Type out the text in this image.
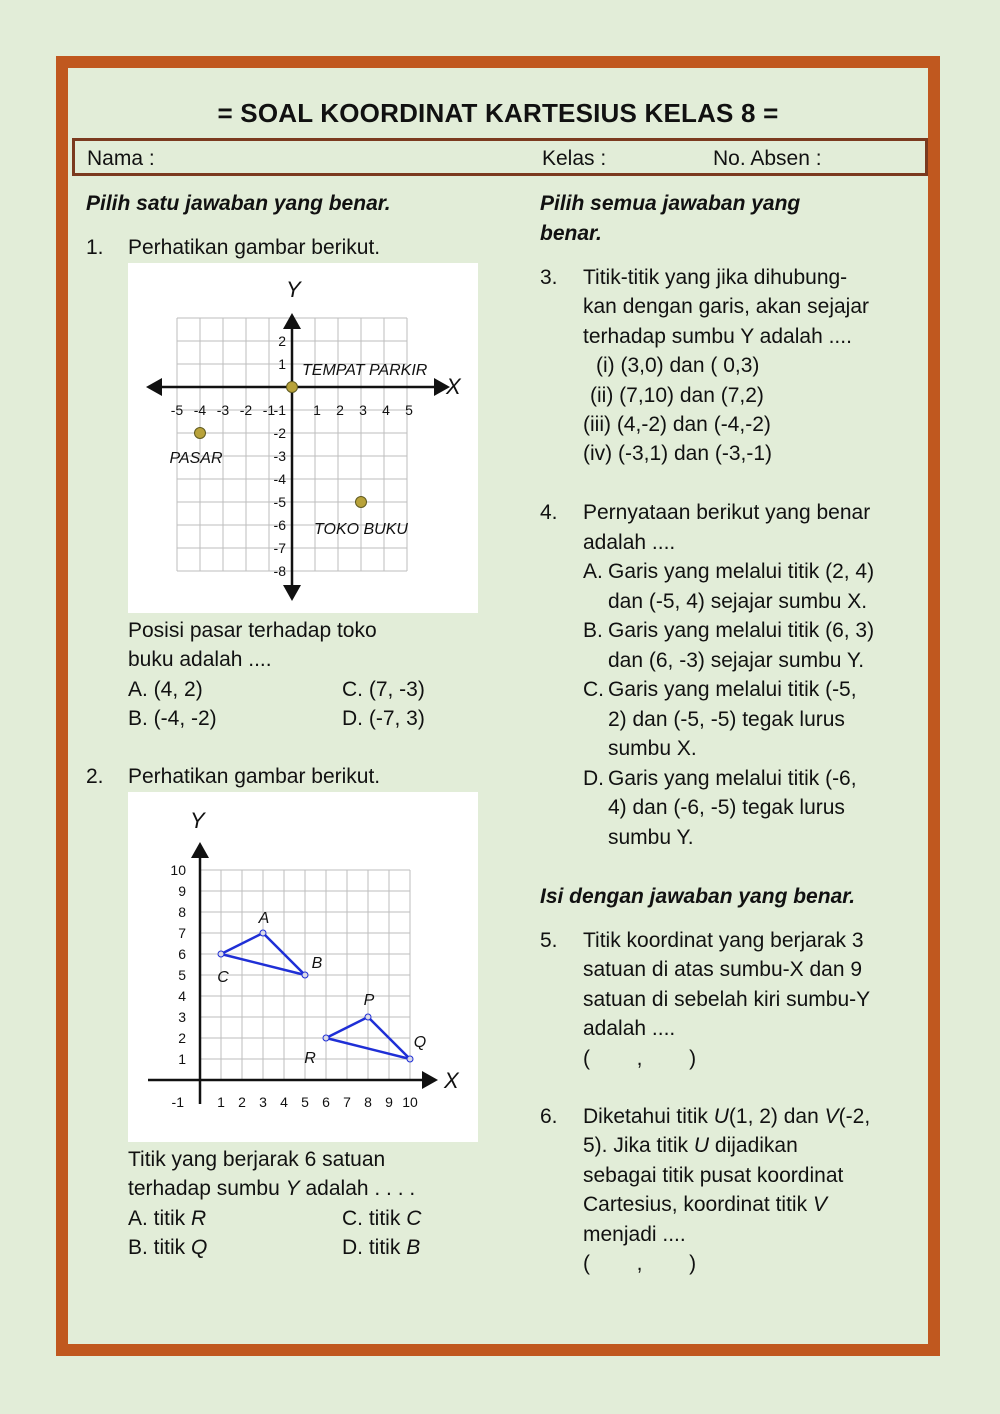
= SOAL KOORDINAT KARTESIUS KELAS 8 =
Nama :	Kelas :	No. Absen :
Pilih satu jawaban yang benar.
1. Perhatikan gambar berikut.
X
Y
-5 -4 -3 -2 -1	1 2 3 4 5
2
1
-1
-2
-3
-4
-5
-6
-7
-8
TEMPAT PARKIR
PASAR
TOKO BUKU
Posisi pasar terhadap toko
buku adalah ....
A. (4, 2)	C. (7, -3)
B. (-4, -2)	D. (-7, 3)
2. Perhatikan gambar berikut.
X
Y
-1 1 2 3 4 5 6 7 8 9 10
10
9
8
7
6
5
4
3
2
1
A
B
C
P
Q
R
Titik yang berjarak 6 satuan
terhadap sumbu Y adalah . . . .
A. titik R	C. titik C
B. titik Q	D. titik B
Pilih semua jawaban yang
benar.
3. Titik-titik yang jika dihubung-
kan dengan garis, akan sejajar
terhadap sumbu Y adalah ....
(i) (3,0) dan ( 0,3)
(ii) (7,10) dan (7,2)
(iii) (4,-2) dan (-4,-2)
(iv) (-3,1) dan (-3,-1)
4. Pernyataan berikut yang benar
adalah ....
A. Garis yang melalui titik (2, 4)
dan (-5, 4) sejajar sumbu X.
B. Garis yang melalui titik (6, 3)
dan (6, -3) sejajar sumbu Y.
C. Garis yang melalui titik (-5,
2) dan (-5, -5) tegak lurus
sumbu X.
D. Garis yang melalui titik (-6,
4) dan (-6, -5) tegak lurus
sumbu Y.
Isi dengan jawaban yang benar.
5. Titik koordinat yang berjarak 3
satuan di atas sumbu-X dan 9
satuan di sebelah kiri sumbu-Y
adalah ....
(        ,        )
6. Diketahui titik U(1, 2) dan V(-2,
5). Jika titik U dijadikan
sebagai titik pusat koordinat
Cartesius, koordinat titik V
menjadi ....
(        ,        )
